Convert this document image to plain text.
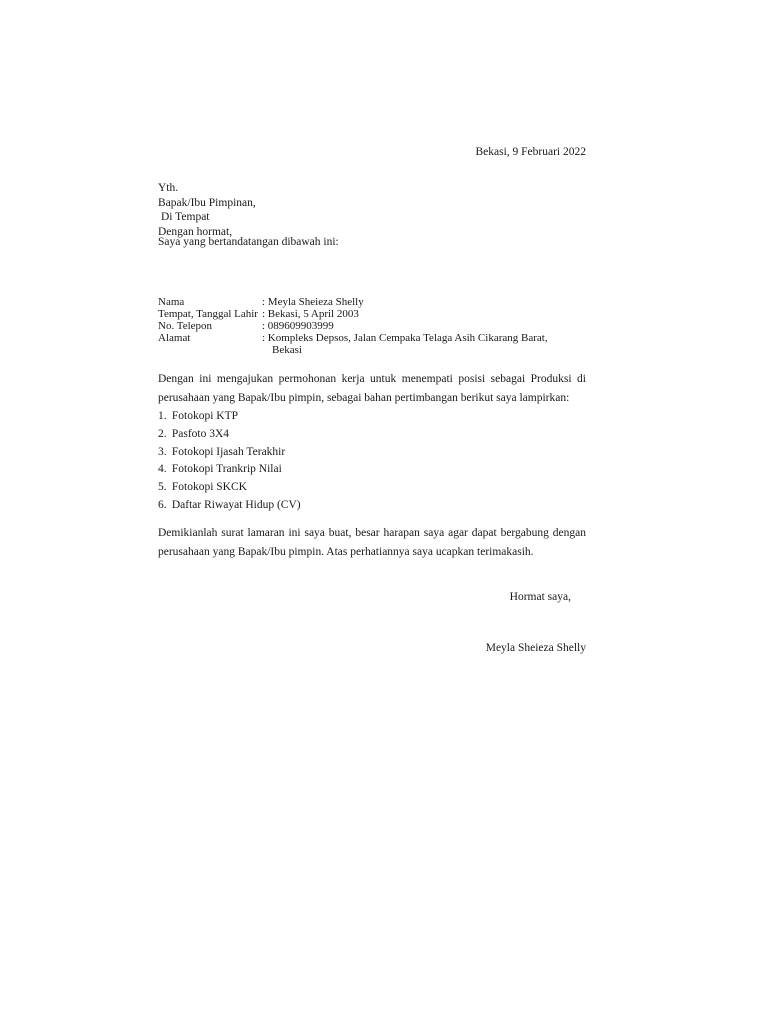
Bekasi, 9 Februari 2022
Yth.
Bapak/Ibu Pimpinan,
Di Tempat
Dengan hormat,
Saya yang bertandatangan dibawah ini:
Nama	: Meyla Sheieza Shelly
Tempat, Tanggal Lahir : Bekasi, 5 April 2003
No. Telepon	: 089609903999
Alamat	: Kompleks Depsos, Jalan Cempaka Telaga Asih Cikarang Barat,
Bekasi
Dengan ini mengajukan permohonan kerja untuk menempati posisi sebagai Produksi di perusahaan yang Bapak/Ibu pimpin, sebagai bahan pertimbangan berikut saya lampirkan:
1.
Fotokopi KTP
2.
Pasfoto 3X4
3.
Fotokopi Ijasah Terakhir
4.
Fotokopi Trankrip Nilai
5.
Fotokopi SKCK
6.
Daftar Riwayat Hidup (CV)
Demikianlah surat lamaran ini saya buat, besar harapan saya agar dapat bergabung dengan perusahaan yang Bapak/Ibu pimpin. Atas perhatiannya saya ucapkan terimakasih.
Hormat saya,
Meyla Sheieza Shelly
